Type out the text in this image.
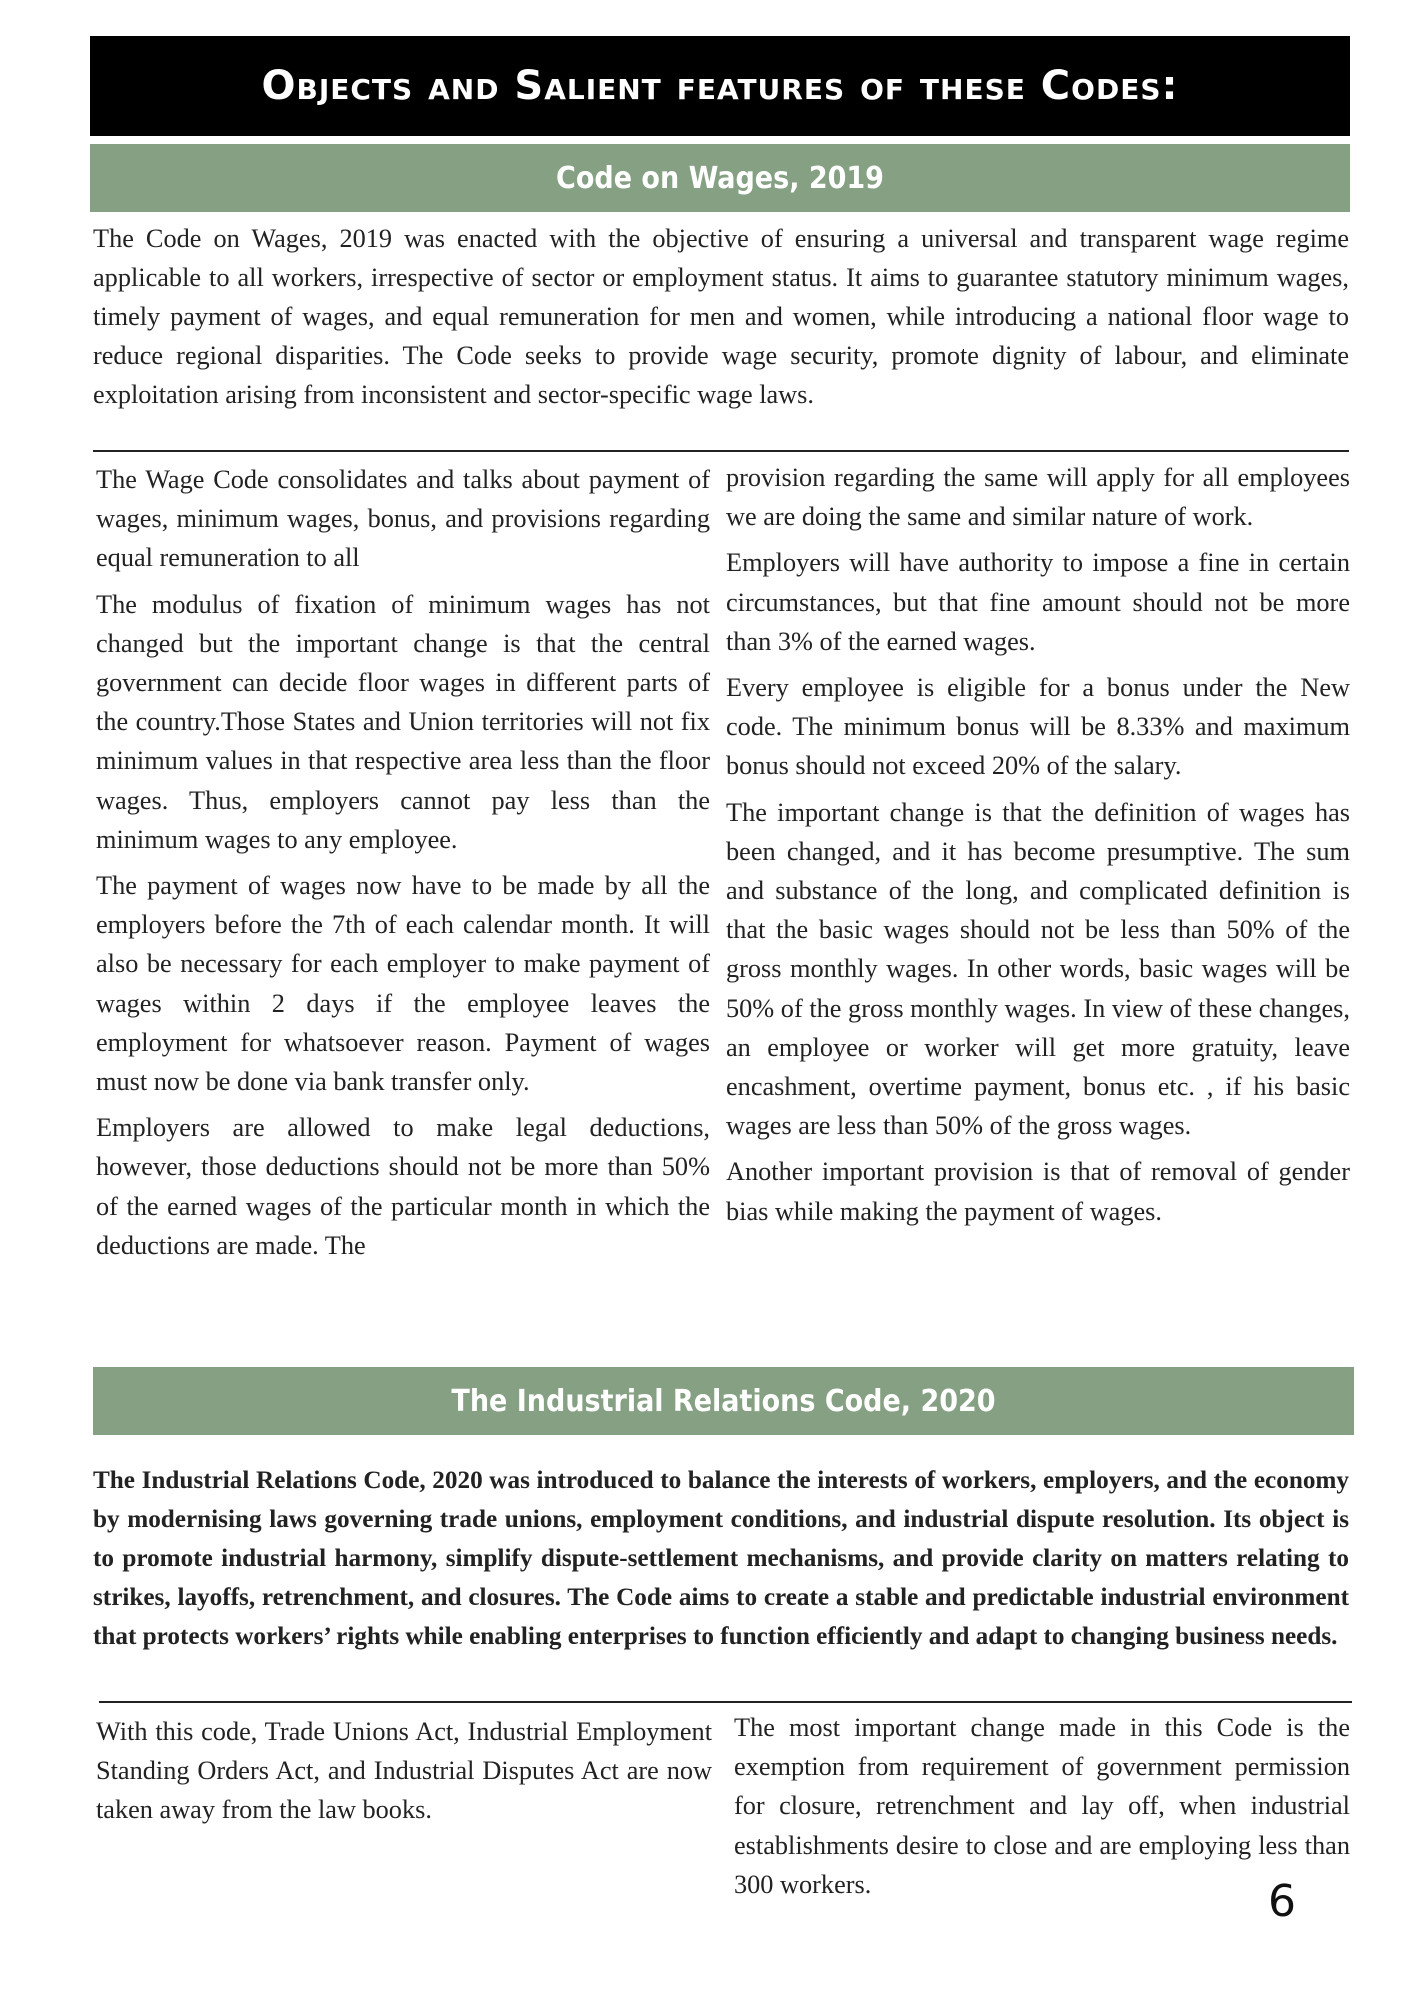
Objects and Salient features of these Codes:
Code on Wages, 2019

The Code on Wages, 2019 was enacted with the objective of ensuring a universal and transparent wage regime applicable to all workers, irrespective of sector or employment status. It aims to guarantee statutory minimum wages, timely payment of wages, and equal remuneration for men and women, while introducing a national floor wage to reduce regional disparities. The Code seeks to provide wage security, promote dignity of labour, and eliminate exploitation arising from inconsistent and sector-specific wage laws.

The Wage Code consolidates and talks about payment of wages, minimum wages, bonus, and provisions regarding equal remuneration to all

The modulus of fixation of minimum wages has not changed but the important change is that the central government can decide floor wages in different parts of the country.Those States and Union territories will not fix minimum values in that respective area less than the floor wages. Thus, employers cannot pay less than the minimum wages to any employee.

The payment of wages now have to be made by all the employers before the 7th of each calendar month. It will also be necessary for each employer to make payment of wages within 2 days if the employee leaves the employment for whatsoever reason. Payment of wages must now be done via bank transfer only.

Employers are allowed to make legal deductions, however, those deductions should not be more than 50% of the earned wages of the particular month in which the deductions are made. The

provision regarding the same will apply for all employees we are doing the same and similar nature of work.

Employers will have authority to impose a fine in certain circumstances, but that fine amount should not be more than 3% of the earned wages.

Every employee is eligible for a bonus under the New code. The minimum bonus will be 8.33% and maximum bonus should not exceed 20% of the salary.

The important change is that the definition of wages has been changed, and it has become presumptive. The sum and substance of the long, and complicated definition is that the basic wages should not be less than 50% of the gross monthly wages. In other words, basic wages will be 50% of the gross monthly wages. In view of these changes, an employee or worker will get more gratuity, leave encashment, overtime payment, bonus etc. , if his basic wages are less than 50% of the gross wages.

Another important provision is that of removal of gender bias while making the payment of wages.

The Industrial Relations Code, 2020

The Industrial Relations Code, 2020 was introduced to balance the interests of workers, employers, and the economy by modernising laws governing trade unions, employment conditions, and industrial dispute resolution. Its object is to promote industrial harmony, simplify dispute-settlement mechanisms, and provide clarity on matters relating to strikes, layoffs, retrenchment, and closures. The Code aims to create a stable and predictable industrial environment that protects workers’ rights while enabling enterprises to function efficiently and adapt to changing business needs.

With this code, Trade Unions Act, Industrial Employment Standing Orders Act, and Industrial Disputes Act are now taken away from the law books.

The most important change made in this Code is the exemption from requirement of government permission for closure, retrenchment and lay off, when industrial establishments desire to close and are employing less than 300 workers.	6
